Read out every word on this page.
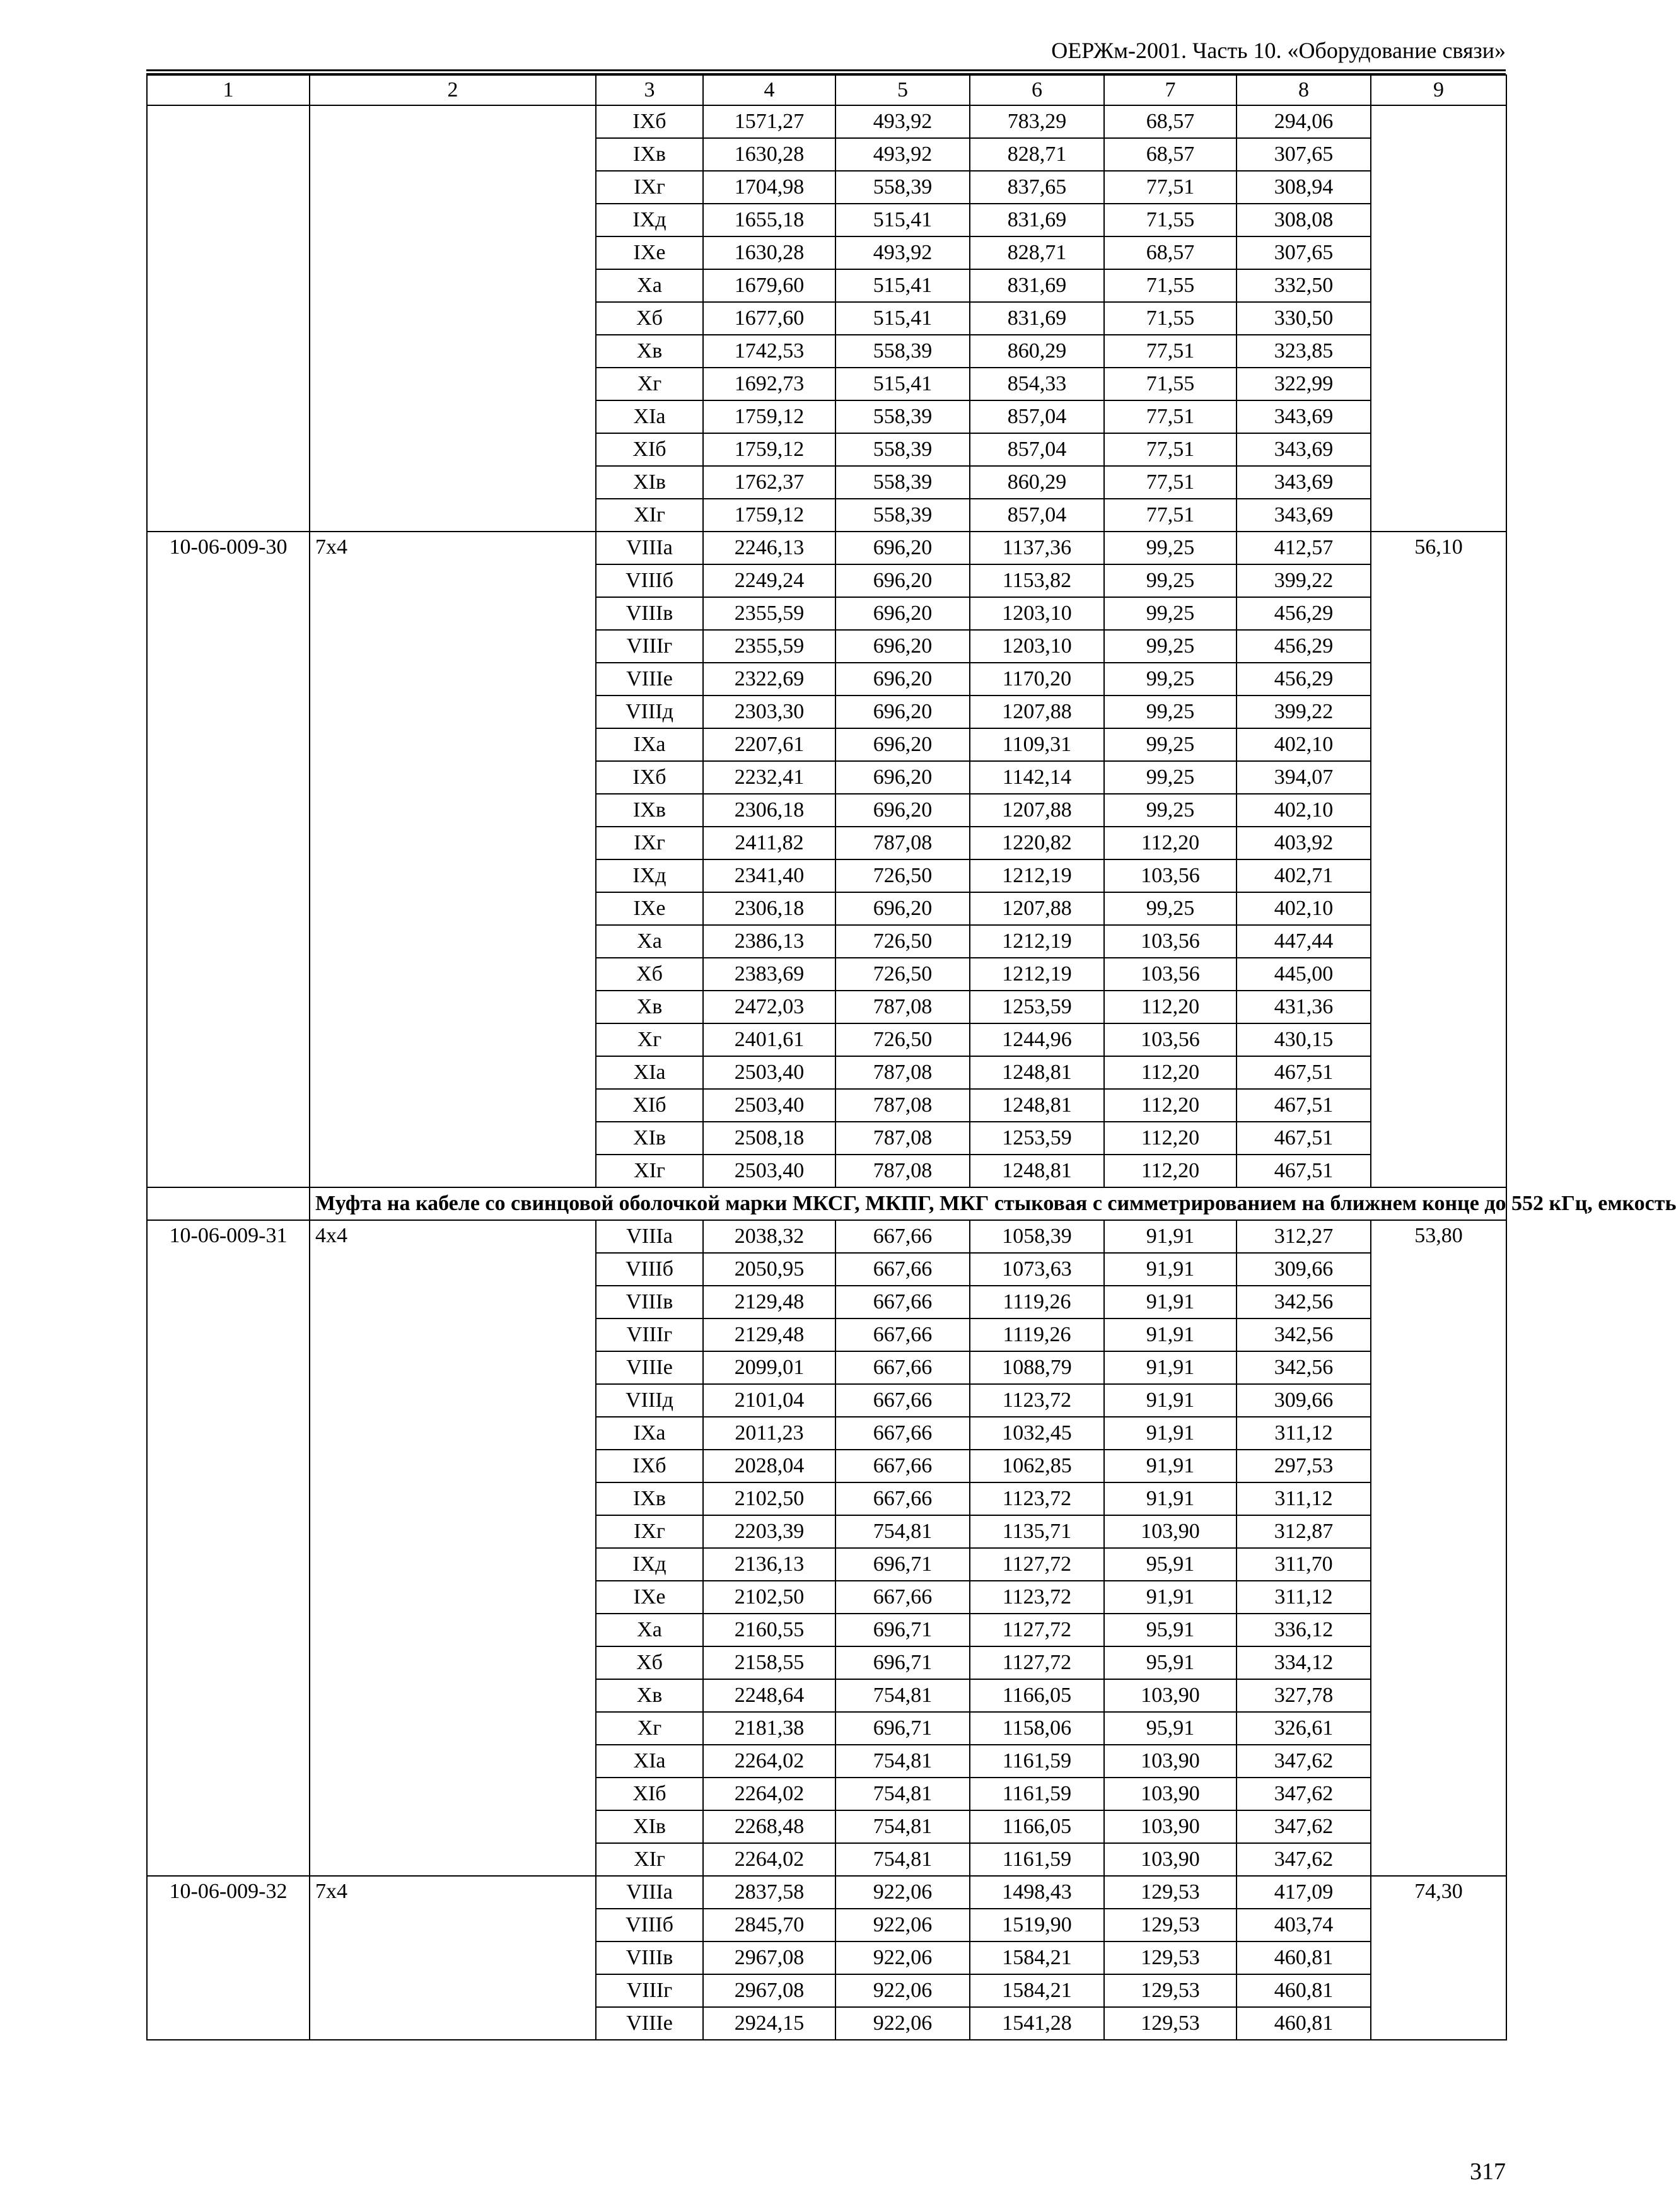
ОЕРЖм-2001. Часть 10. «Оборудование связи»
1	2	3	4	5	6	7	8	9
		IXб	1571,27	493,92	783,29	68,57	294,06	
		IXв	1630,28	493,92	828,71	68,57	307,65	
		IXг	1704,98	558,39	837,65	77,51	308,94	
		IXд	1655,18	515,41	831,69	71,55	308,08	
		IXе	1630,28	493,92	828,71	68,57	307,65	
		Xа	1679,60	515,41	831,69	71,55	332,50	
		Xб	1677,60	515,41	831,69	71,55	330,50	
		Xв	1742,53	558,39	860,29	77,51	323,85	
		Xг	1692,73	515,41	854,33	71,55	322,99	
		XIа	1759,12	558,39	857,04	77,51	343,69	
		XIб	1759,12	558,39	857,04	77,51	343,69	
		XIв	1762,37	558,39	860,29	77,51	343,69	
		XIг	1759,12	558,39	857,04	77,51	343,69	
10-06-009-30	7х4	VIIIа	2246,13	696,20	1137,36	99,25	412,57	56,10
		VIIIб	2249,24	696,20	1153,82	99,25	399,22	
		VIIIв	2355,59	696,20	1203,10	99,25	456,29	
		VIIIг	2355,59	696,20	1203,10	99,25	456,29	
		VIIIе	2322,69	696,20	1170,20	99,25	456,29	
		VIIIд	2303,30	696,20	1207,88	99,25	399,22	
		IXа	2207,61	696,20	1109,31	99,25	402,10	
		IXб	2232,41	696,20	1142,14	99,25	394,07	
		IXв	2306,18	696,20	1207,88	99,25	402,10	
		IXг	2411,82	787,08	1220,82	112,20	403,92	
		IXд	2341,40	726,50	1212,19	103,56	402,71	
		IXе	2306,18	696,20	1207,88	99,25	402,10	
		Xа	2386,13	726,50	1212,19	103,56	447,44	
		Xб	2383,69	726,50	1212,19	103,56	445,00	
		Xв	2472,03	787,08	1253,59	112,20	431,36	
		Xг	2401,61	726,50	1244,96	103,56	430,15	
		XIа	2503,40	787,08	1248,81	112,20	467,51	
		XIб	2503,40	787,08	1248,81	112,20	467,51	
		XIв	2508,18	787,08	1253,59	112,20	467,51	
		XIг	2503,40	787,08	1248,81	112,20	467,51	
	Муфта на кабеле со свинцовой оболочкой марки МКСГ, МКПГ, МКГ стыковая с симметрированием на ближнем конце до 552 кГц, емкость							
10-06-009-31	4х4	VIIIа	2038,32	667,66	1058,39	91,91	312,27	53,80
		VIIIб	2050,95	667,66	1073,63	91,91	309,66	
		VIIIв	2129,48	667,66	1119,26	91,91	342,56	
		VIIIг	2129,48	667,66	1119,26	91,91	342,56	
		VIIIе	2099,01	667,66	1088,79	91,91	342,56	
		VIIIд	2101,04	667,66	1123,72	91,91	309,66	
		IXа	2011,23	667,66	1032,45	91,91	311,12	
		IXб	2028,04	667,66	1062,85	91,91	297,53	
		IXв	2102,50	667,66	1123,72	91,91	311,12	
		IXг	2203,39	754,81	1135,71	103,90	312,87	
		IXд	2136,13	696,71	1127,72	95,91	311,70	
		IXе	2102,50	667,66	1123,72	91,91	311,12	
		Xа	2160,55	696,71	1127,72	95,91	336,12	
		Xб	2158,55	696,71	1127,72	95,91	334,12	
		Xв	2248,64	754,81	1166,05	103,90	327,78	
		Xг	2181,38	696,71	1158,06	95,91	326,61	
		XIа	2264,02	754,81	1161,59	103,90	347,62	
		XIб	2264,02	754,81	1161,59	103,90	347,62	
		XIв	2268,48	754,81	1166,05	103,90	347,62	
		XIг	2264,02	754,81	1161,59	103,90	347,62	
10-06-009-32	7х4	VIIIа	2837,58	922,06	1498,43	129,53	417,09	74,30
		VIIIб	2845,70	922,06	1519,90	129,53	403,74	
		VIIIв	2967,08	922,06	1584,21	129,53	460,81	
		VIIIг	2967,08	922,06	1584,21	129,53	460,81	
		VIIIе	2924,15	922,06	1541,28	129,53	460,81	
317
